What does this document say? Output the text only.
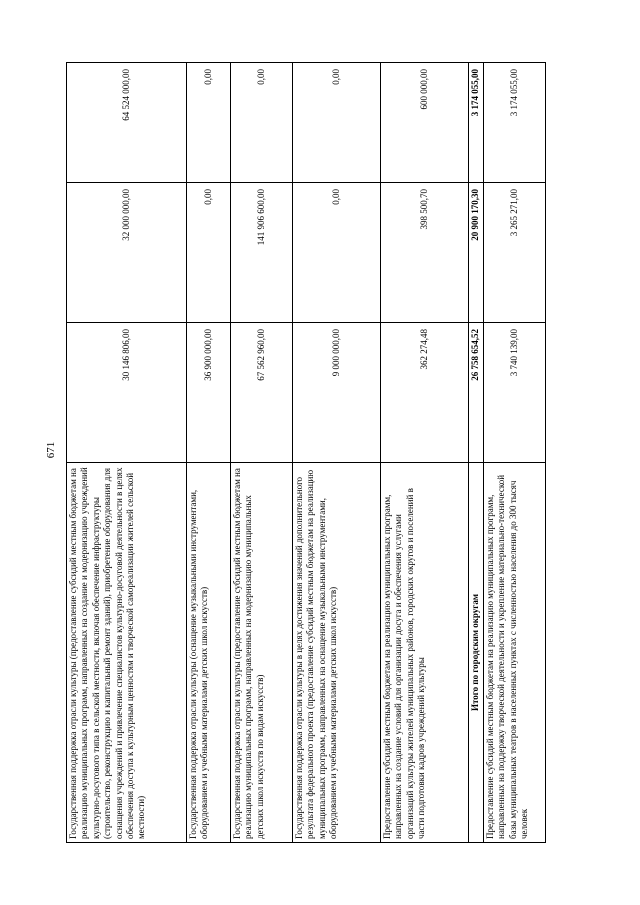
671
Государственная поддержка отрасли культуры (предоставление субсидий местным бюджетам на реализацию муниципальных программ, направленных на создание и модернизацию учреждений культурно-досугового типа в сельской местности, включая обеспечение инфраструктуры (строительство, реконструкцию и капитальный ремонт зданий), приобретение оборудования для оснащения учреждений и привлечение специалистов культурно-досуговой деятельности в целях обеспечения доступа к культурным ценностям и творческой самореализации жителей сельской местности)	30 146 806,00	32 000 000,00	64 524 000,00
Государственная поддержка отрасли культуры (оснащение музыкальными инструментами, оборудованием и учебными материалами детских школ искусств)	36 900 000,00	0,00	0,00
Государственная поддержка отрасли культуры (предоставление субсидий местным бюджетам на реализацию муниципальных программ, направленных на модернизацию муниципальных детских школ искусств по видам искусств)	67 562 960,00	141 906 600,00	0,00
Государственная поддержка отрасли культуры в целях достижения значений дополнительного результата федерального проекта (предоставление субсидий местным бюджетам на реализацию муниципальных программ, направленных на оснащение музыкальными инструментами, оборудованием и учебными материалами детских школ искусств)	9 000 000,00	0,00	0,00
Предоставление субсидий местным бюджетам на реализацию муниципальных программ, направленных на создание условий для организации досуга и обеспечения услугами организаций культуры жителей муниципальных районов, городских округов и поселений в части подготовки кадров учреждений культуры	362 274,48	398 500,70	600 000,00
Итого по городским округам	26 758 654,52	20 900 170,30	3 174 055,00
Предоставление субсидий местным бюджетам на реализацию муниципальных программ, направленных на поддержку творческой деятельности и укрепление материально-технической базы муниципальных театров в населенных пунктах с численностью населения до 300 тысяч человек	3 740 139,00	3 265 271,00	3 174 055,00
